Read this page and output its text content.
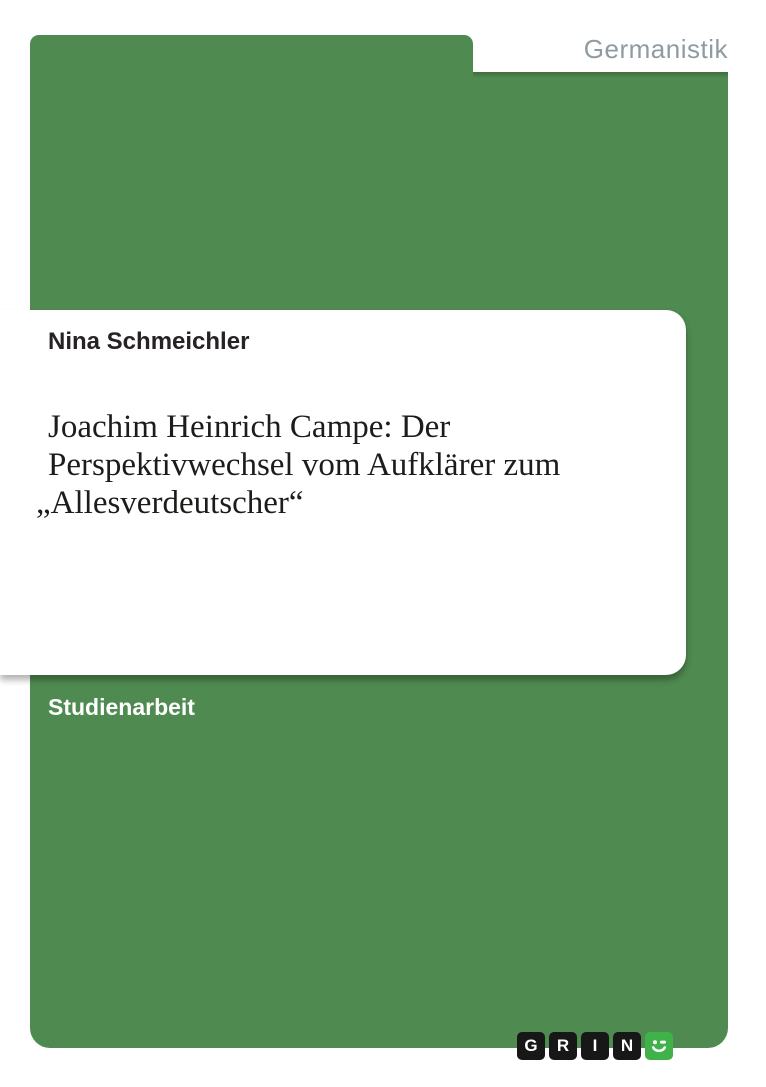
Germanistik
Nina Schmeichler
Joachim Heinrich Campe: Der
Perspektivwechsel vom Aufklärer zum
„Allesverdeutscher“
Studienarbeit
G	R	I	N
